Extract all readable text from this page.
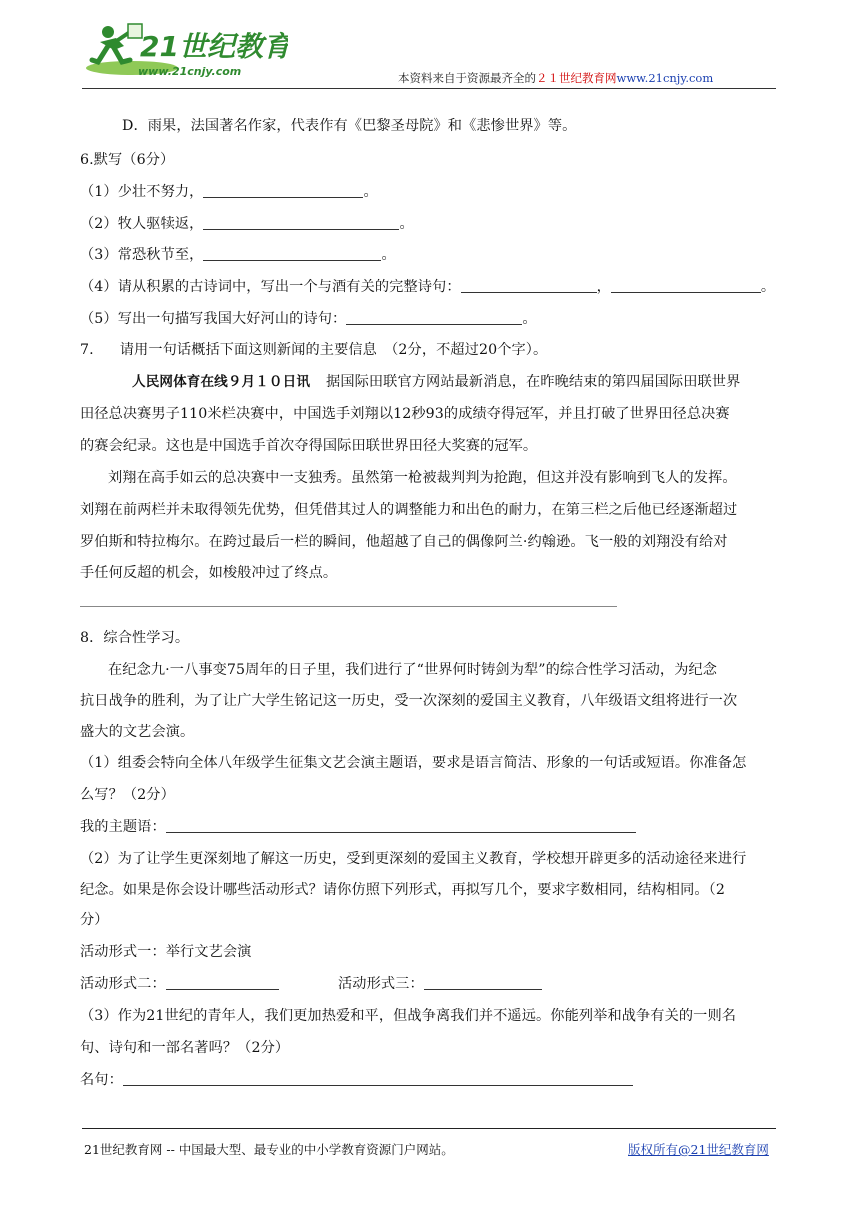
21世纪教育
www.21cnjy.com	本资料来自于资源最齐全的２１世纪教育网www.21cnjy.com
D．雨果，法国著名作家，代表作有《巴黎圣母院》和《悲惨世界》等。
6.默写（6分）
（1）少壮不努力，	。
（2）牧人驱犊返，	。
（3）常恐秋节至，	。
（4）请从积累的古诗词中，写出一个与酒有关的完整诗句：	，	。
（5）写出一句描写我国大好河山的诗句：	。
7. 请用一句话概括下面这则新闻的主要信息　（2分，不超过20个字）。
人民网体育在线９月１０日讯 据国际田联官方网站最新消息，在昨晚结束的第四届国际田联世界
田径总决赛男子110米栏决赛中，中国选手刘翔以12秒93的成绩夺得冠军，并且打破了世界田径总决赛
的赛会纪录。这也是中国选手首次夺得国际田联世界田径大奖赛的冠军。
刘翔在高手如云的总决赛中一支独秀。虽然第一枪被裁判判为抢跑，但这并没有影响到飞人的发挥。
刘翔在前两栏并未取得领先优势，但凭借其过人的调整能力和出色的耐力，在第三栏之后他已经逐渐超过
罗伯斯和特拉梅尔。在跨过最后一栏的瞬间，他超越了自己的偶像阿兰·约翰逊。飞一般的刘翔没有给对
手任何反超的机会，如梭般冲过了终点。
8．综合性学习。
在纪念九·一八事变75周年的日子里，我们进行了“世界何时铸剑为犁”的综合性学习活动，为纪念
抗日战争的胜利，为了让广大学生铭记这一历史，受一次深刻的爱国主义教育，八年级语文组将进行一次
盛大的文艺会演。
（1）组委会特向全体八年级学生征集文艺会演主题语，要求是语言简洁、形象的一句话或短语。你准备怎
么写？（2分）
我的主题语：
（2）为了让学生更深刻地了解这一历史，受到更深刻的爱国主义教育，学校想开辟更多的活动途径来进行
纪念。如果是你会设计哪些活动形式？请你仿照下列形式，再拟写几个，要求字数相同，结构相同。（2
分）
活动形式一：举行文艺会演
活动形式二：	活动形式三：
（3）作为21世纪的青年人，我们更加热爱和平，但战争离我们并不遥远。你能列举和战争有关的一则名
句、诗句和一部名著吗？（2分）
名句：
21世纪教育网 -- 中国最大型、最专业的中小学教育资源门户网站。	版权所有@21世纪教育网
